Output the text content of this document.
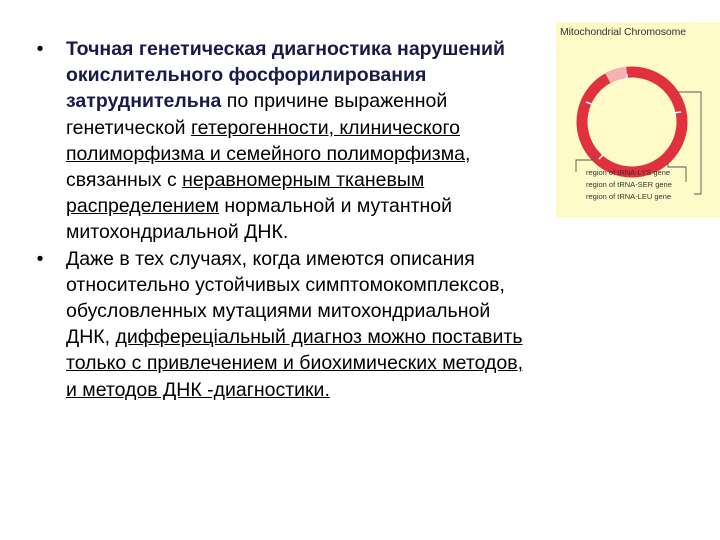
•	Точная генетическая диагностика нарушений окислительного фосфорилирования затруднительна по причине выраженной генетической гетерогенности, клинического полиморфизма и семейного полиморфизма, связанных с неравномерным тканевым распределением нормальной и мутантной митохондриальной ДНК.
•	Даже в тех случаях, когда имеются описания относительно устойчивых симптомокомплексов, обусловленных мутациями митохондриальной ДНК, диффереціальный диагноз можно поставить только с привлечением и биохимических методов, и методов ДНК -диагностики.
Mitochondrial Chromosome
region of tRNA-LYS gene
region of tRNA-SER gene
region of tRNA-LEU gene
